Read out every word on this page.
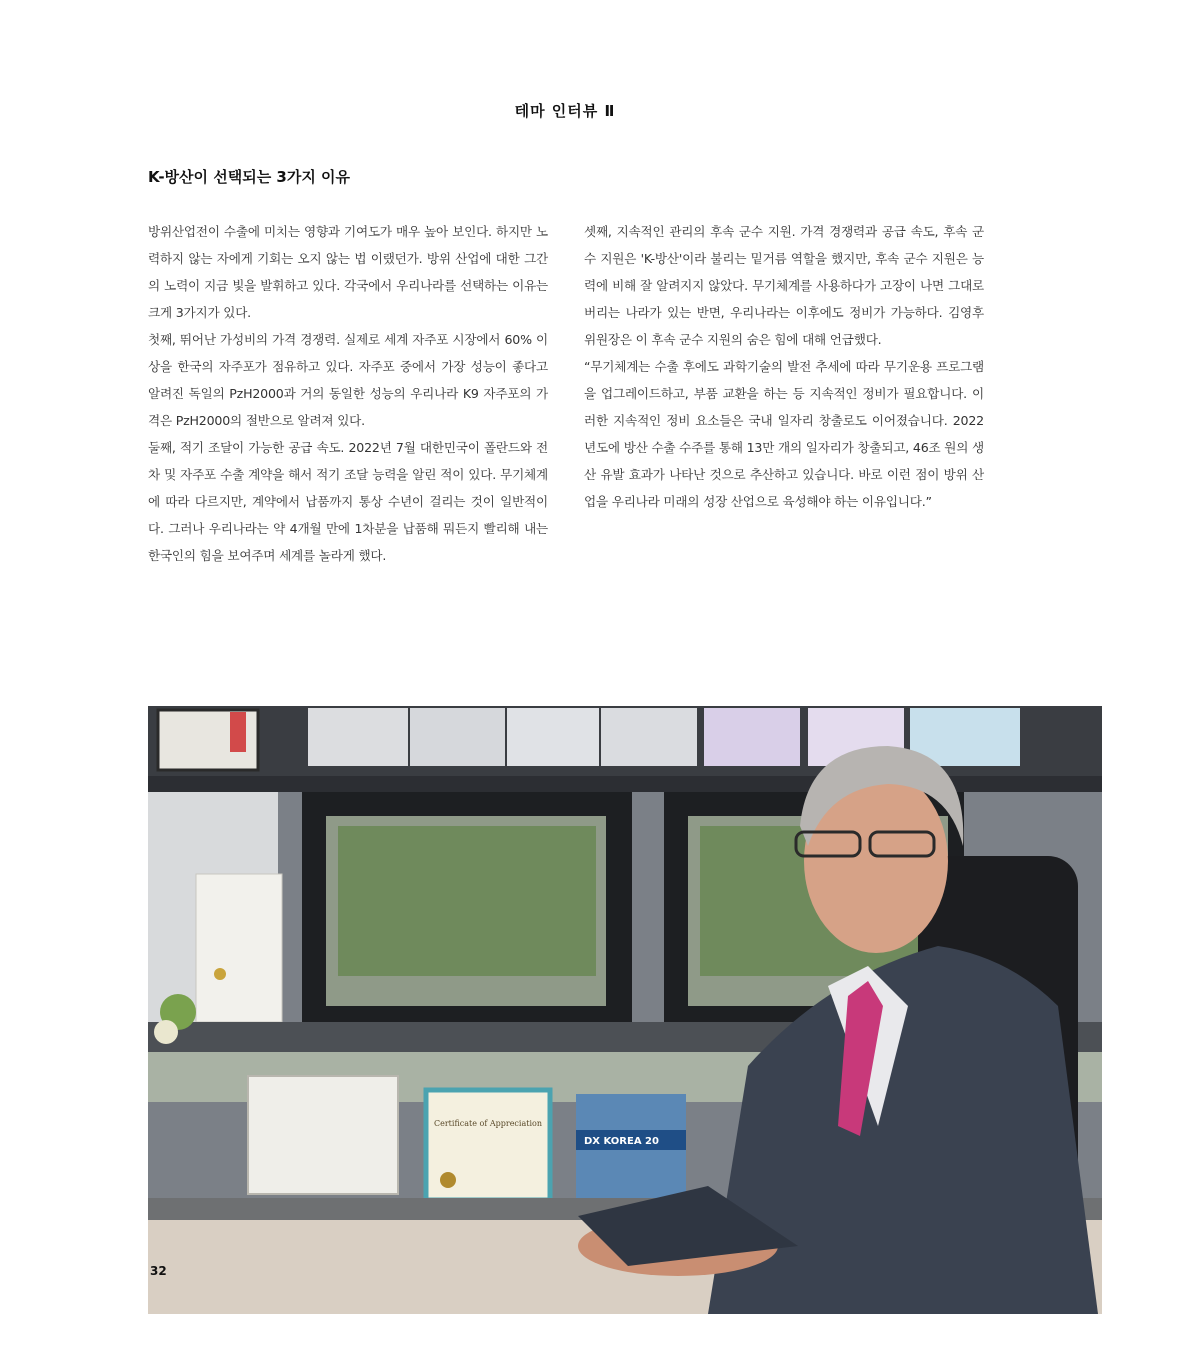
테마 인터뷰 Ⅱ
K-방산이 선택되는 3가지 이유

방위산업전이 수출에 미치는 영향과 기여도가 매우 높아 보인다. 하지만 노력하지 않는 자에게 기회는 오지 않는 법 이랬던가. 방위 산업에 대한 그간의 노력이 지금 빛을 발휘하고 있다. 각국에서 우리나라를 선택하는 이유는 크게 3가지가 있다.

첫째, 뛰어난 가성비의 가격 경쟁력. 실제로 세계 자주포 시장에서 60% 이상을 한국의 자주포가 점유하고 있다. 자주포 중에서 가장 성능이 좋다고 알려진 독일의 PzH2000과 거의 동일한 성능의 우리나라 K9 자주포의 가격은 PzH2000의 절반으로 알려져 있다.

둘째, 적기 조달이 가능한 공급 속도. 2022년 7월 대한민국이 폴란드와 전차 및 자주포 수출 계약을 해서 적기 조달 능력을 알린 적이 있다. 무기체계에 따라 다르지만, 계약에서 납품까지 통상 수년이 걸리는 것이 일반적이다. 그러나 우리나라는 약 4개월 만에 1차분을 납품해 뭐든지 빨리해 내는 한국인의 힘을 보여주며 세계를 놀라게 했다.

셋째, 지속적인 관리의 후속 군수 지원. 가격 경쟁력과 공급 속도, 후속 군수 지원은 'K-방산'이라 불리는 밑거름 역할을 했지만, 후속 군수 지원은 능력에 비해 잘 알려지지 않았다. 무기체계를 사용하다가 고장이 나면 그대로 버리는 나라가 있는 반면, 우리나라는 이후에도 정비가 가능하다. 김영후 위원장은 이 후속 군수 지원의 숨은 힘에 대해 언급했다.

“무기체계는 수출 후에도 과학기술의 발전 추세에 따라 무기운용 프로그램을 업그레이드하고, 부품 교환을 하는 등 지속적인 정비가 필요합니다. 이러한 지속적인 정비 요소들은 국내 일자리 창출로도 이어졌습니다. 2022년도에 방산 수출 수주를 통해 13만 개의 일자리가 창출되고, 46조 원의 생산 유발 효과가 나타난 것으로 추산하고 있습니다. 바로 이런 점이 방위 산업을 우리나라 미래의 성장 산업으로 육성해야 하는 이유입니다.”

Certificate of Appreciation
DX KOREA 20
32
